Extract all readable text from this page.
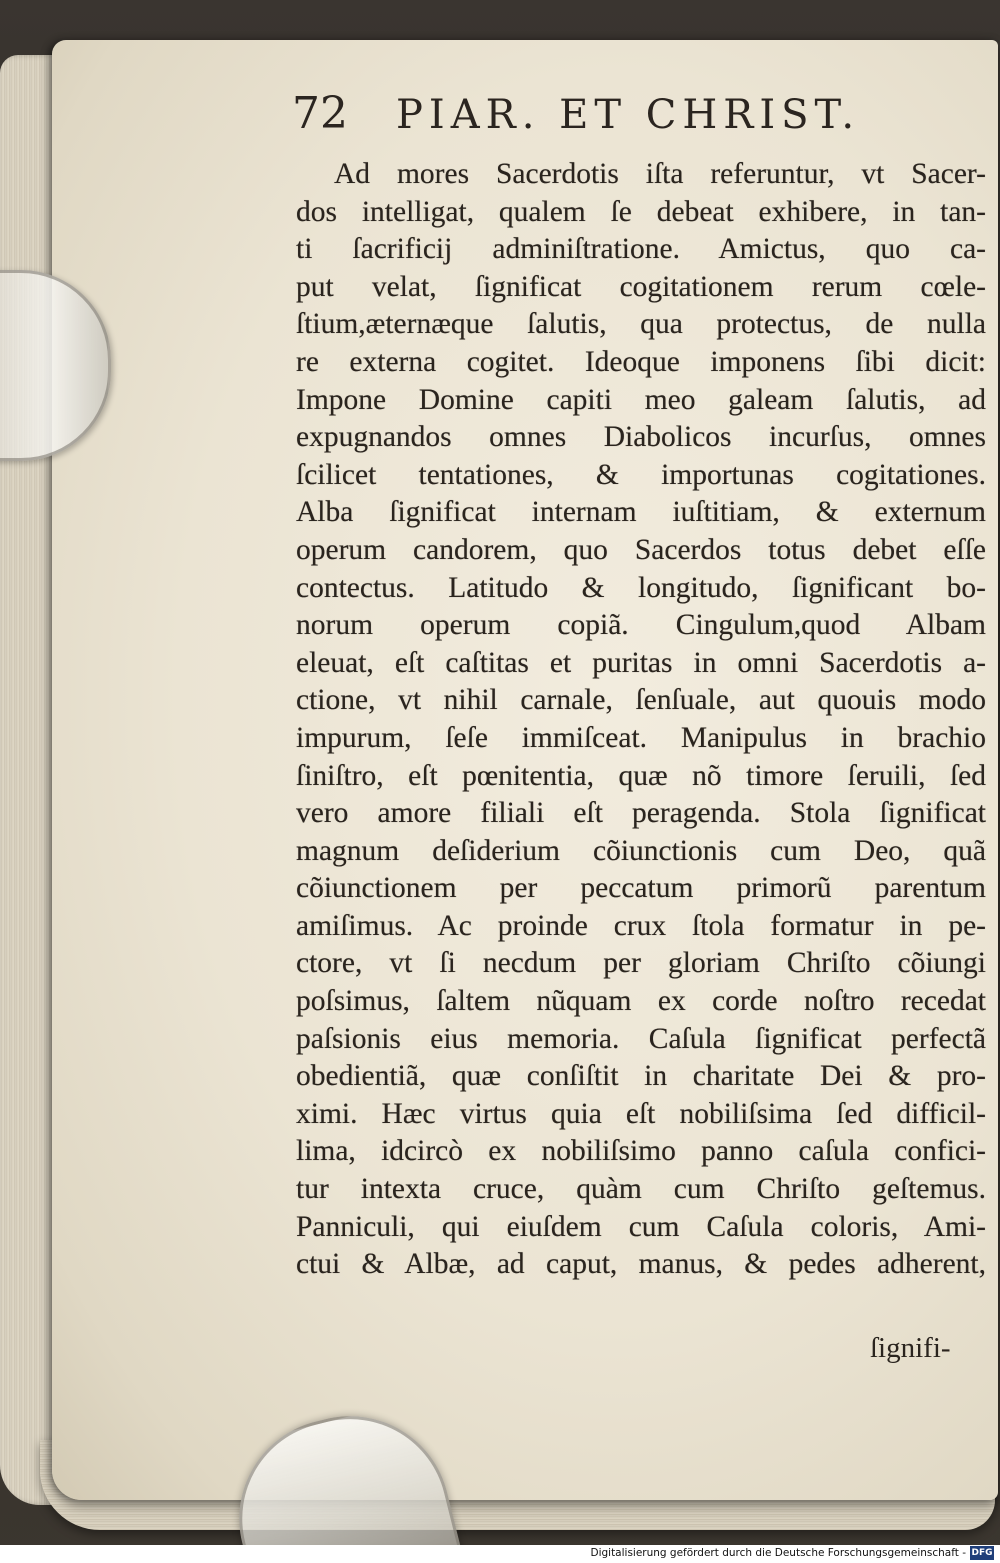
72 PIAR. ET CHRIST.
Ad mores Sacerdotis iſta referuntur, vt Sacer-
dos intelligat, qualem ſe debeat exhibere, in tan-
ti ſacrificij adminiſtratione. Amictus, quo ca-
put velat, ſignificat cogitationem rerum cœle-
ſtium,æternæque ſalutis, qua protectus, de nulla
re externa cogitet. Ideoque imponens ſibi dicit:
Impone Domine capiti meo galeam ſalutis, ad
expugnandos omnes Diabolicos incurſus, omnes
ſcilicet tentationes, & importunas cogitationes.
Alba ſignificat internam iuſtitiam, & externum
operum candorem, quo Sacerdos totus debet eſſe
contectus. Latitudo & longitudo, ſignificant bo-
norum operum copiã. Cingulum,quod Albam
eleuat, eſt caſtitas et puritas in omni Sacerdotis a-
ctione, vt nihil carnale, ſenſuale, aut quouis modo
impurum, ſeſe immiſceat. Manipulus in brachio
ſiniſtro, eſt pœnitentia, quæ nõ timore ſeruili, ſed
vero amore filiali eſt peragenda. Stola ſignificat
magnum deſiderium cõiunctionis cum Deo, quã
cõiunctionem per peccatum primorũ parentum
amiſimus. Ac proinde crux ſtola formatur in pe-
ctore, vt ſi necdum per gloriam Chriſto cõiungi
poſsimus, ſaltem nũquam ex corde noſtro recedat
paſsionis eius memoria. Caſula ſignificat perfectã
obedientiã, quæ conſiſtit in charitate Dei & pro-
ximi. Hæc virtus quia eſt nobiliſsima ſed difficil-
lima, idcircò ex nobiliſsimo panno caſula confici-
tur intexta cruce, quàm cum Chriſto geſtemus.
Panniculi, qui eiuſdem cum Caſula coloris, Ami-
ctui & Albæ, ad caput, manus, & pedes adherent,
ſignifi-
Digitalisierung gefördert durch die Deutsche Forschungsgemeinschaft - DFG
